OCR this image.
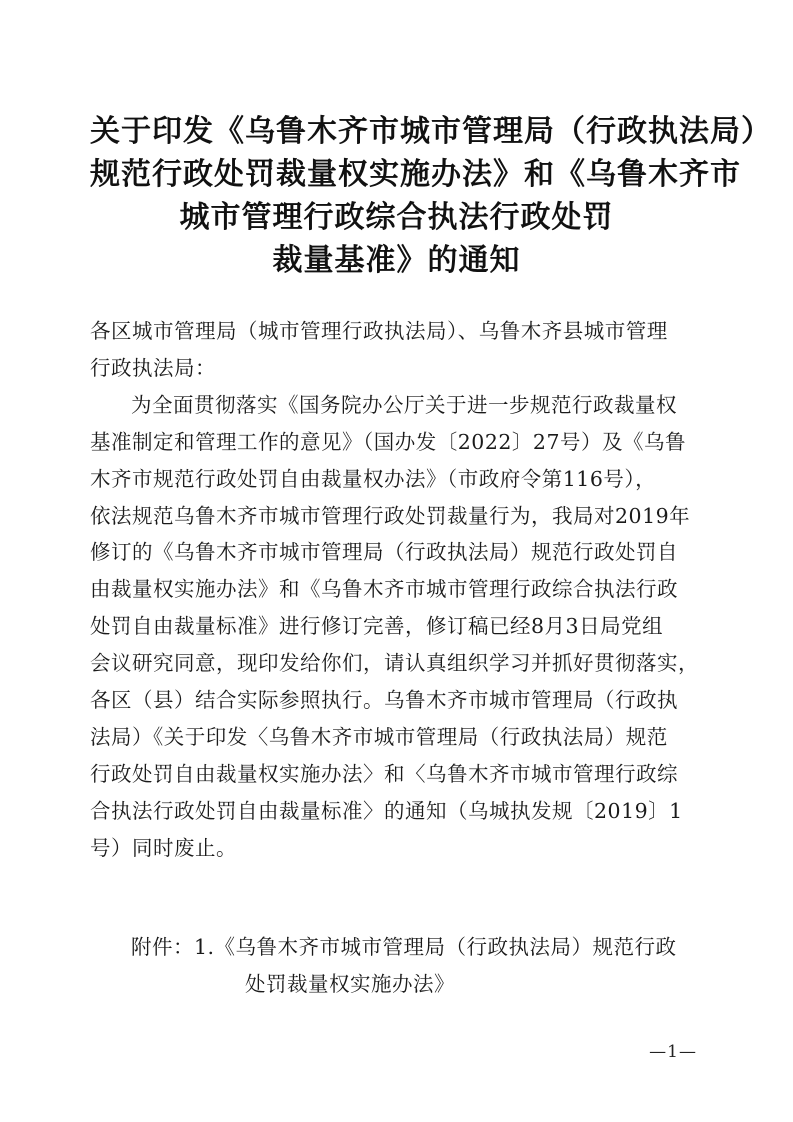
关于印发《乌鲁木齐市城市管理局（行政执法局）
规范行政处罚裁量权实施办法》和《乌鲁木齐市
城市管理行政综合执法行政处罚
裁量基准》的通知
各区城市管理局（城市管理行政执法局）、乌鲁木齐县城市管理
行政执法局：
为全面贯彻落实《国务院办公厅关于进一步规范行政裁量权
基准制定和管理工作的意见》（国办发〔2022〕27号）及《乌鲁
木齐市规范行政处罚自由裁量权办法》（市政府令第116号），
依法规范乌鲁木齐市城市管理行政处罚裁量行为，我局对2019年
修订的《乌鲁木齐市城市管理局（行政执法局）规范行政处罚自
由裁量权实施办法》和《乌鲁木齐市城市管理行政综合执法行政
处罚自由裁量标准》进行修订完善，修订稿已经8月3日局党组
会议研究同意，现印发给你们，请认真组织学习并抓好贯彻落实，
各区（县）结合实际参照执行。乌鲁木齐市城市管理局（行政执
法局）《关于印发〈乌鲁木齐市城市管理局（行政执法局）规范
行政处罚自由裁量权实施办法〉和〈乌鲁木齐市城市管理行政综
合执法行政处罚自由裁量标准〉的通知（乌城执发规〔2019〕1
号）同时废止。
附件：1.《乌鲁木齐市城市管理局（行政执法局）规范行政
处罚裁量权实施办法》
—1—
